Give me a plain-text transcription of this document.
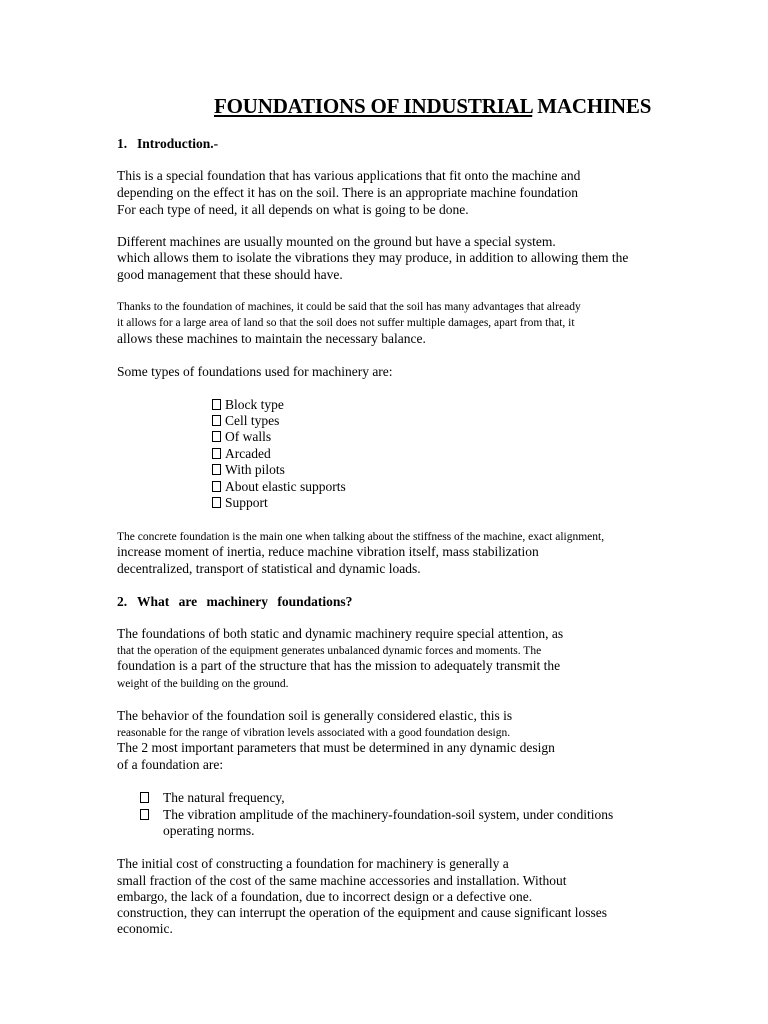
FOUNDATIONS OF INDUSTRIAL MACHINES
1. Introduction.-
This is a special foundation that has various applications that fit onto the machine and
depending on the effect it has on the soil. There is an appropriate machine foundation
For each type of need, it all depends on what is going to be done.
Different machines are usually mounted on the ground but have a special system.
which allows them to isolate the vibrations they may produce, in addition to allowing them the
good management that these should have.
Thanks to the foundation of machines, it could be said that the soil has many advantages that already
it allows for a large area of land so that the soil does not suffer multiple damages, apart from that, it
allows these machines to maintain the necessary balance.
Some types of foundations used for machinery are:
Block type
Cell types
Of walls
Arcaded
With pilots
About elastic supports
Support
The concrete foundation is the main one when talking about the stiffness of the machine, exact alignment,
increase moment of inertia, reduce machine vibration itself, mass stabilization
decentralized, transport of statistical and dynamic loads.
2. What are machinery foundations?
The foundations of both static and dynamic machinery require special attention, as
that the operation of the equipment generates unbalanced dynamic forces and moments. The
foundation is a part of the structure that has the mission to adequately transmit the
weight of the building on the ground.
The behavior of the foundation soil is generally considered elastic, this is
reasonable for the range of vibration levels associated with a good foundation design.
The 2 most important parameters that must be determined in any dynamic design
of a foundation are:
The natural frequency,
The vibration amplitude of the machinery-foundation-soil system, under conditions
operating norms.
The initial cost of constructing a foundation for machinery is generally a
small fraction of the cost of the same machine accessories and installation. Without
embargo, the lack of a foundation, due to incorrect design or a defective one.
construction, they can interrupt the operation of the equipment and cause significant losses
economic.
